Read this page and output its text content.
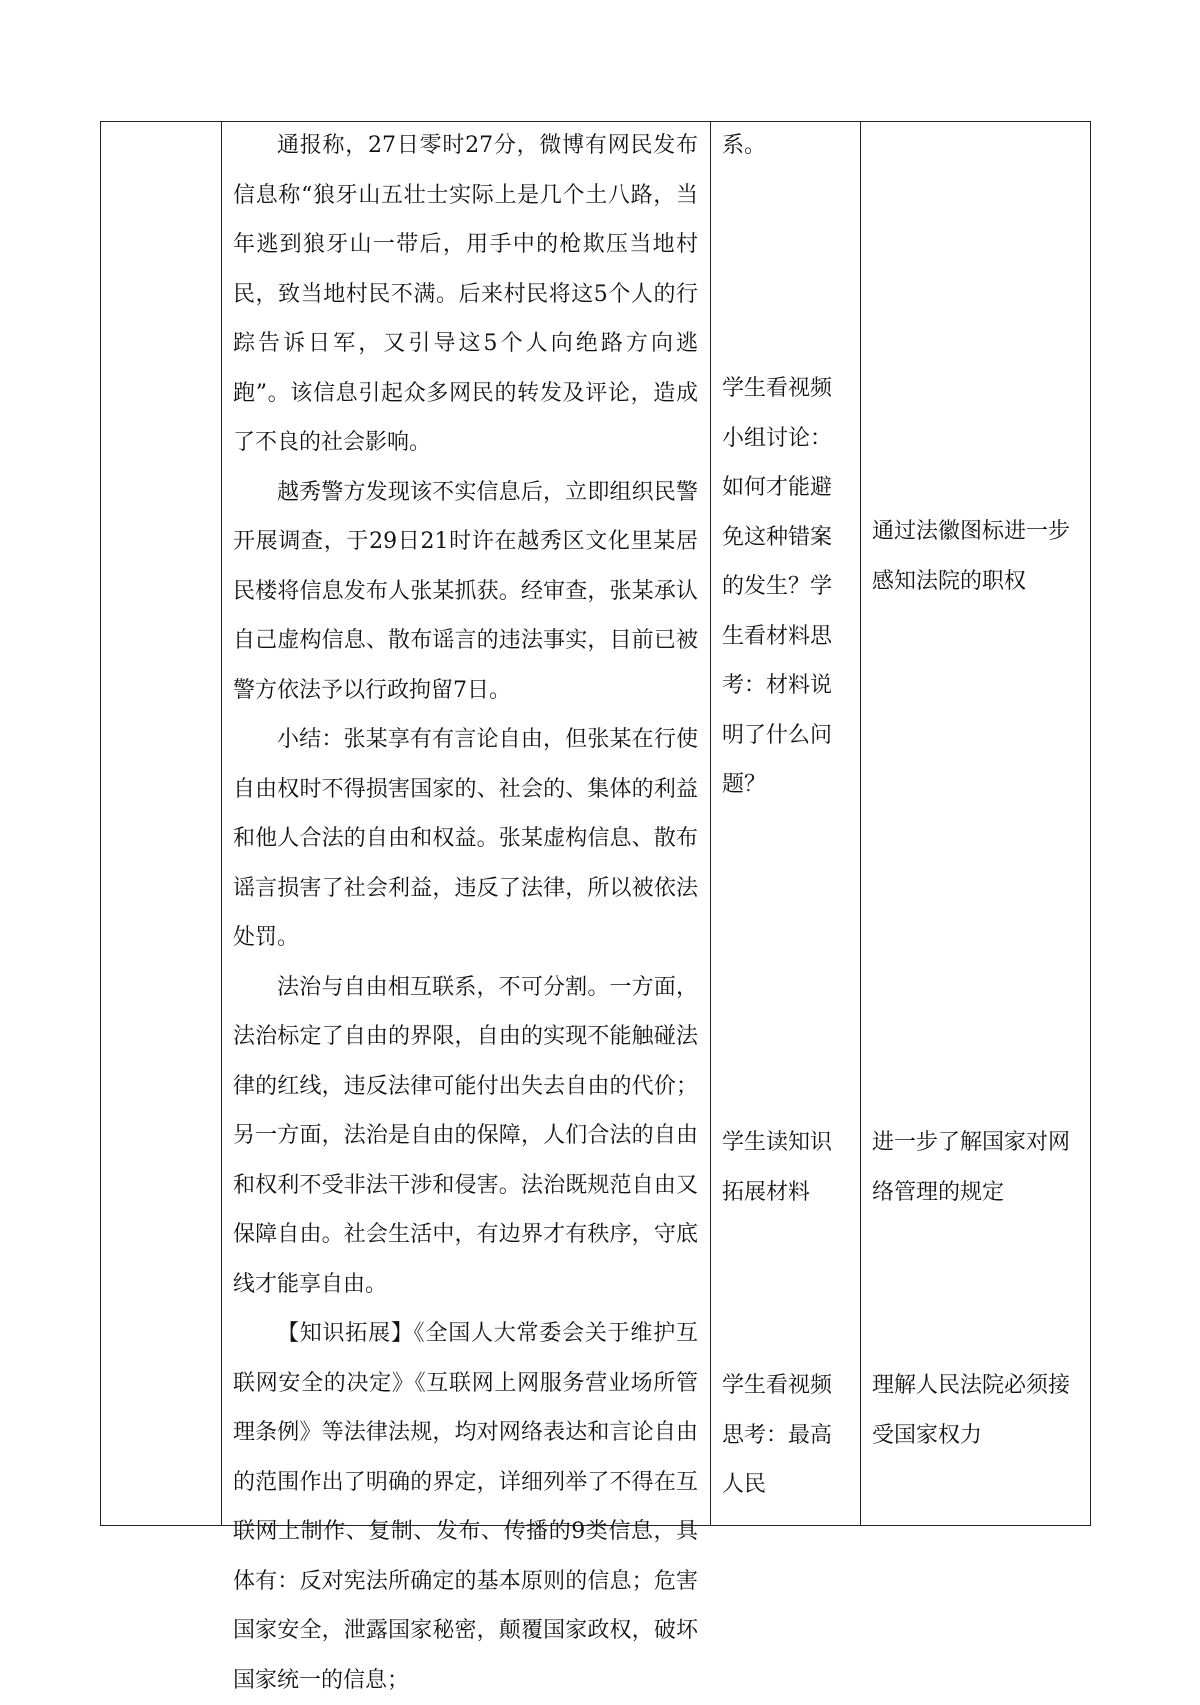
通报称，27日零时27分，微博有网民发布信息称“狼牙山五壮士实际上是几个土八路，当年逃到狼牙山一带后，用手中的枪欺压当地村民，致当地村民不满。后来村民将这5个人的行踪告诉日军，又引导这5个人向绝路方向逃跑”。该信息引起众多网民的转发及评论，造成了不良的社会影响。

越秀警方发现该不实信息后，立即组织民警开展调查，于29日21时许在越秀区文化里某居民楼将信息发布人张某抓获。经审查，张某承认自己虚构信息、散布谣言的违法事实，目前已被警方依法予以行政拘留7日。

小结：张某享有有言论自由，但张某在行使自由权时不得损害国家的、社会的、集体的利益和他人合法的自由和权益。张某虚构信息、散布谣言损害了社会利益，违反了法律，所以被依法处罚。

法治与自由相互联系，不可分割。一方面，法治标定了自由的界限，自由的实现不能触碰法律的红线，违反法律可能付出失去自由的代价；另一方面，法治是自由的保障，人们合法的自由和权利不受非法干涉和侵害。法治既规范自由又保障自由。社会生活中，有边界才有秩序，守底线才能享自由。

【知识拓展】《全国人大常委会关于维护互联网安全的决定》《互联网上网服务营业场所管理条例》等法律法规，均对网络表达和言论自由的范围作出了明确的界定，详细列举了不得在互联网上制作、复制、发布、传播的9类信息，具体有：反对宪法所确定的基本原则的信息；危害国家安全，泄露国家秘密，颠覆国家政权，破坏国家统一的信息；

系。

学生看视频小组讨论：如何才能避免这种错案的发生？学生看材料思考：材料说明了什么问题？

学生读知识拓展材料

学生看视频思考：最高人民

通过法徽图标进一步感知法院的职权

进一步了解国家对网络管理的规定

理解人民法院必须接受国家权力
